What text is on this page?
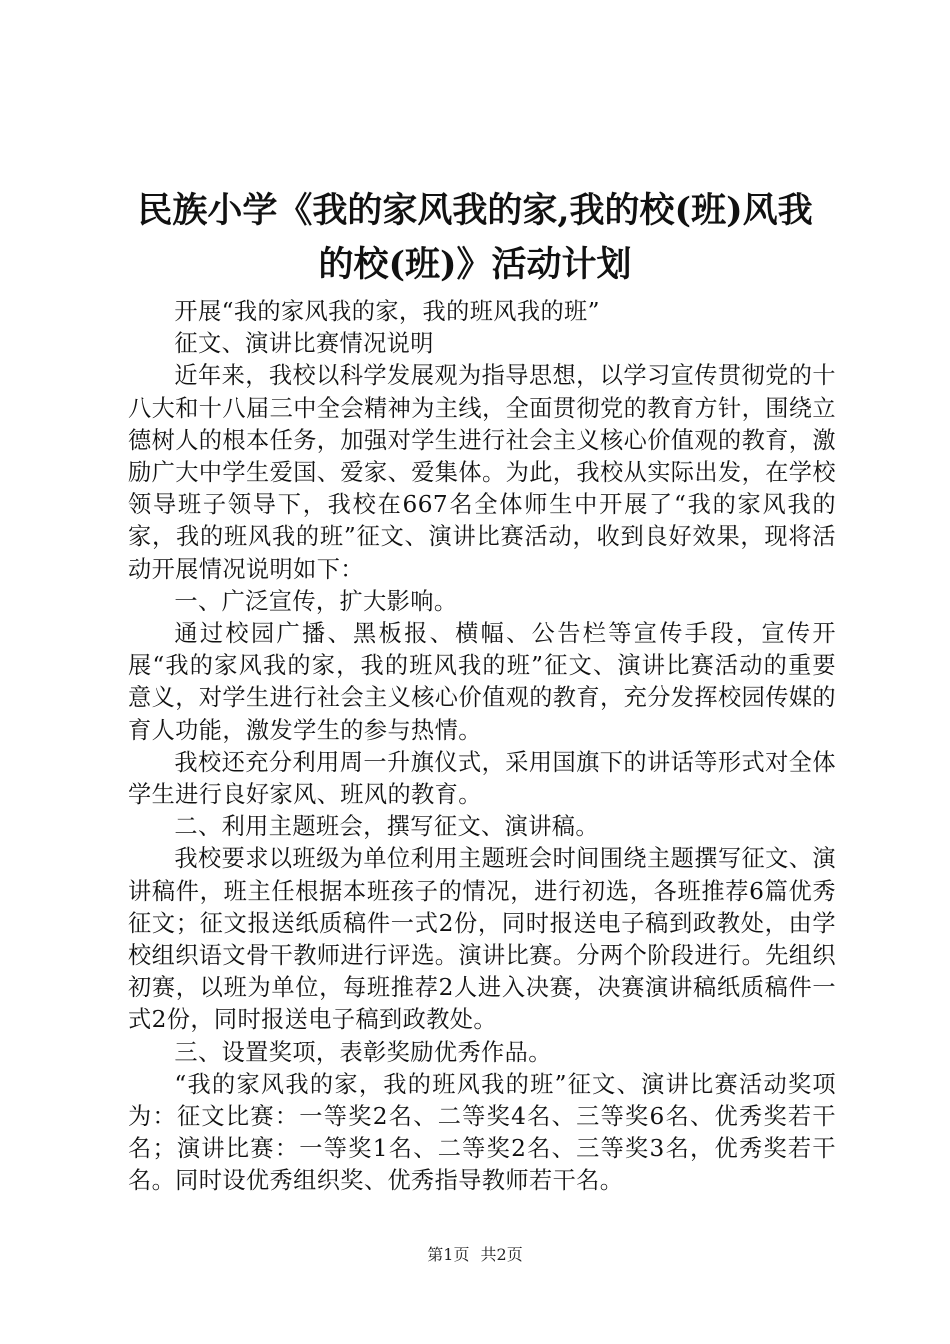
民族小学《我的家风我的家,我的校(班)风我
的校(班)》活动计划

开展“我的家风我的家，我的班风我的班”

征文、演讲比赛情况说明

近年来，我校以科学发展观为指导思想，以学习宣传贯彻党的十八大和十八届三中全会精神为主线，全面贯彻党的教育方针，围绕立德树人的根本任务，加强对学生进行社会主义核心价值观的教育，激励广大中学生爱国、爱家、爱集体。为此，我校从实际出发，在学校领导班子领导下，我校在667名全体师生中开展了“我的家风我的家，我的班风我的班”征文、演讲比赛活动，收到良好效果，现将活动开展情况说明如下：

一、广泛宣传，扩大影响。

通过校园广播、黑板报、横幅、公告栏等宣传手段，宣传开展“我的家风我的家，我的班风我的班”征文、演讲比赛活动的重要意义，对学生进行社会主义核心价值观的教育，充分发挥校园传媒的育人功能，激发学生的参与热情。

我校还充分利用周一升旗仪式，采用国旗下的讲话等形式对全体学生进行良好家风、班风的教育。

二、利用主题班会，撰写征文、演讲稿。

我校要求以班级为单位利用主题班会时间围绕主题撰写征文、演讲稿件，班主任根据本班孩子的情况，进行初选，各班推荐6篇优秀征文；征文报送纸质稿件一式2份，同时报送电子稿到政教处，由学校组织语文骨干教师进行评选。演讲比赛。分两个阶段进行。先组织初赛，以班为单位，每班推荐2人进入决赛，决赛演讲稿纸质稿件一式2份，同时报送电子稿到政教处。

三、设置奖项，表彰奖励优秀作品。

“我的家风我的家，我的班风我的班”征文、演讲比赛活动奖项为：征文比赛：一等奖2名、二等奖4名、三等奖6名、优秀奖若干名；演讲比赛：一等奖1名、二等奖2名、三等奖3名，优秀奖若干名。同时设优秀组织奖、优秀指导教师若干名。

第1页 共2页
